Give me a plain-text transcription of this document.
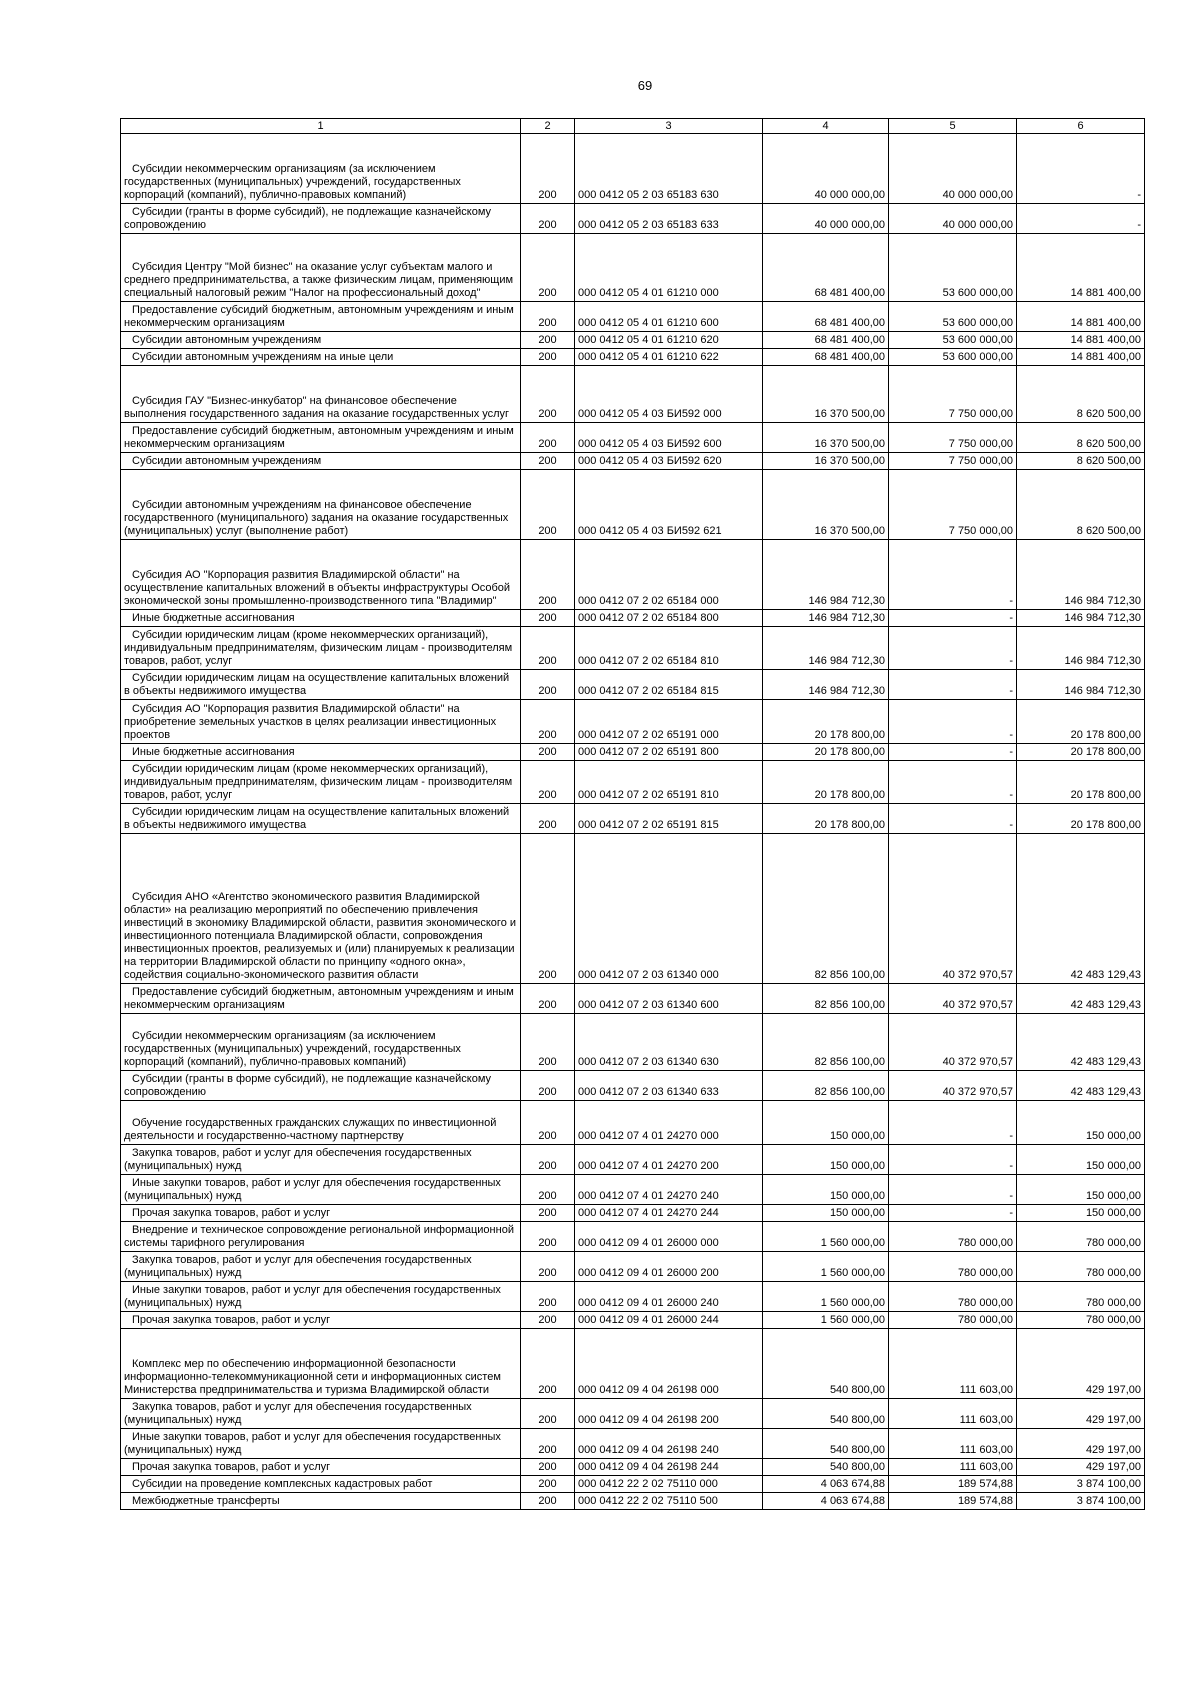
69
1	2	3	4	5	6

Субсидии некоммерческим организациям (за исключением государственных (муниципальных) учреждений, государственных корпораций (компаний), публично-правовых компаний)	200	000 0412 05 2 03 65183 630	40 000 000,00	40 000 000,00	-

Субсидии (гранты в форме субсидий), не подлежащие казначейскому сопровождению	200	000 0412 05 2 03 65183 633	40 000 000,00	40 000 000,00	-

Субсидия Центру "Мой бизнес" на оказание услуг субъектам малого и среднего предпринимательства, а также физическим лицам, применяющим специальный налоговый режим "Налог на профессиональный доход"	200	000 0412 05 4 01 61210 000	68 481 400,00	53 600 000,00	14 881 400,00

Предоставление субсидий бюджетным, автономным учреждениям и иным некоммерческим организациям	200	000 0412 05 4 01 61210 600	68 481 400,00	53 600 000,00	14 881 400,00

Субсидии автономным учреждениям	200	000 0412 05 4 01 61210 620	68 481 400,00	53 600 000,00	14 881 400,00

Субсидии автономным учреждениям на иные цели	200	000 0412 05 4 01 61210 622	68 481 400,00	53 600 000,00	14 881 400,00

Субсидия ГАУ "Бизнес-инкубатор" на финансовое обеспечение выполнения государственного задания на оказание государственных услуг	200	000 0412 05 4 03 БИ592 000	16 370 500,00	7 750 000,00	8 620 500,00

Предоставление субсидий бюджетным, автономным учреждениям и иным некоммерческим организациям	200	000 0412 05 4 03 БИ592 600	16 370 500,00	7 750 000,00	8 620 500,00

Субсидии автономным учреждениям	200	000 0412 05 4 03 БИ592 620	16 370 500,00	7 750 000,00	8 620 500,00

Субсидии автономным учреждениям на финансовое обеспечение государственного (муниципального) задания на оказание государственных (муниципальных) услуг (выполнение работ)	200	000 0412 05 4 03 БИ592 621	16 370 500,00	7 750 000,00	8 620 500,00

Субсидия АО "Корпорация развития Владимирской области" на осуществление капитальных вложений в объекты инфраструктуры Особой экономической зоны промышленно-производственного типа "Владимир"	200	000 0412 07 2 02 65184 000	146 984 712,30	-	146 984 712,30

Иные бюджетные ассигнования	200	000 0412 07 2 02 65184 800	146 984 712,30	-	146 984 712,30

Субсидии юридическим лицам (кроме некоммерческих организаций), индивидуальным предпринимателям, физическим лицам - производителям товаров, работ, услуг	200	000 0412 07 2 02 65184 810	146 984 712,30	-	146 984 712,30

Субсидии юридическим лицам на осуществление капитальных вложений в объекты недвижимого имущества	200	000 0412 07 2 02 65184 815	146 984 712,30	-	146 984 712,30

Субсидия АО "Корпорация развития Владимирской области" на приобретение земельных участков в целях реализации инвестиционных проектов	200	000 0412 07 2 02 65191 000	20 178 800,00	-	20 178 800,00

Иные бюджетные ассигнования	200	000 0412 07 2 02 65191 800	20 178 800,00	-	20 178 800,00

Субсидии юридическим лицам (кроме некоммерческих организаций), индивидуальным предпринимателям, физическим лицам - производителям товаров, работ, услуг	200	000 0412 07 2 02 65191 810	20 178 800,00	-	20 178 800,00

Субсидии юридическим лицам на осуществление капитальных вложений в объекты недвижимого имущества	200	000 0412 07 2 02 65191 815	20 178 800,00	-	20 178 800,00

Субсидия АНО «Агентство экономического развития Владимирской области» на реализацию мероприятий по обеспечению привлечения инвестиций в экономику Владимирской области, развития экономического и инвестиционного потенциала Владимирской области, сопровождения инвестиционных проектов, реализуемых и (или) планируемых к реализации на территории Владимирской области по принципу «одного окна», содействия социально-экономического развития области	200	000 0412 07 2 03 61340 000	82 856 100,00	40 372 970,57	42 483 129,43

Предоставление субсидий бюджетным, автономным учреждениям и иным некоммерческим организациям	200	000 0412 07 2 03 61340 600	82 856 100,00	40 372 970,57	42 483 129,43

Субсидии некоммерческим организациям (за исключением государственных (муниципальных) учреждений, государственных корпораций (компаний), публично-правовых компаний)	200	000 0412 07 2 03 61340 630	82 856 100,00	40 372 970,57	42 483 129,43

Субсидии (гранты в форме субсидий), не подлежащие казначейскому сопровождению	200	000 0412 07 2 03 61340 633	82 856 100,00	40 372 970,57	42 483 129,43

Обучение государственных гражданских служащих по инвестиционной деятельности и государственно-частному партнерству	200	000 0412 07 4 01 24270 000	150 000,00	-	150 000,00

Закупка товаров, работ и услуг для обеспечения государственных (муниципальных) нужд	200	000 0412 07 4 01 24270 200	150 000,00	-	150 000,00

Иные закупки товаров, работ и услуг для обеспечения государственных (муниципальных) нужд	200	000 0412 07 4 01 24270 240	150 000,00	-	150 000,00

Прочая закупка товаров, работ и услуг	200	000 0412 07 4 01 24270 244	150 000,00	-	150 000,00

Внедрение и техническое сопровождение региональной информационной системы тарифного регулирования	200	000 0412 09 4 01 26000 000	1 560 000,00	780 000,00	780 000,00

Закупка товаров, работ и услуг для обеспечения государственных (муниципальных) нужд	200	000 0412 09 4 01 26000 200	1 560 000,00	780 000,00	780 000,00

Иные закупки товаров, работ и услуг для обеспечения государственных (муниципальных) нужд	200	000 0412 09 4 01 26000 240	1 560 000,00	780 000,00	780 000,00

Прочая закупка товаров, работ и услуг	200	000 0412 09 4 01 26000 244	1 560 000,00	780 000,00	780 000,00

Комплекс мер по обеспечению информационной безопасности информационно-телекоммуникационной сети и информационных систем Министерства предпринимательства и туризма Владимирской области	200	000 0412 09 4 04 26198 000	540 800,00	111 603,00	429 197,00

Закупка товаров, работ и услуг для обеспечения государственных (муниципальных) нужд	200	000 0412 09 4 04 26198 200	540 800,00	111 603,00	429 197,00

Иные закупки товаров, работ и услуг для обеспечения государственных (муниципальных) нужд	200	000 0412 09 4 04 26198 240	540 800,00	111 603,00	429 197,00

Прочая закупка товаров, работ и услуг	200	000 0412 09 4 04 26198 244	540 800,00	111 603,00	429 197,00

Субсидии на проведение комплексных кадастровых работ	200	000 0412 22 2 02 75110 000	4 063 674,88	189 574,88	3 874 100,00

Межбюджетные трансферты	200	000 0412 22 2 02 75110 500	4 063 674,88	189 574,88	3 874 100,00
